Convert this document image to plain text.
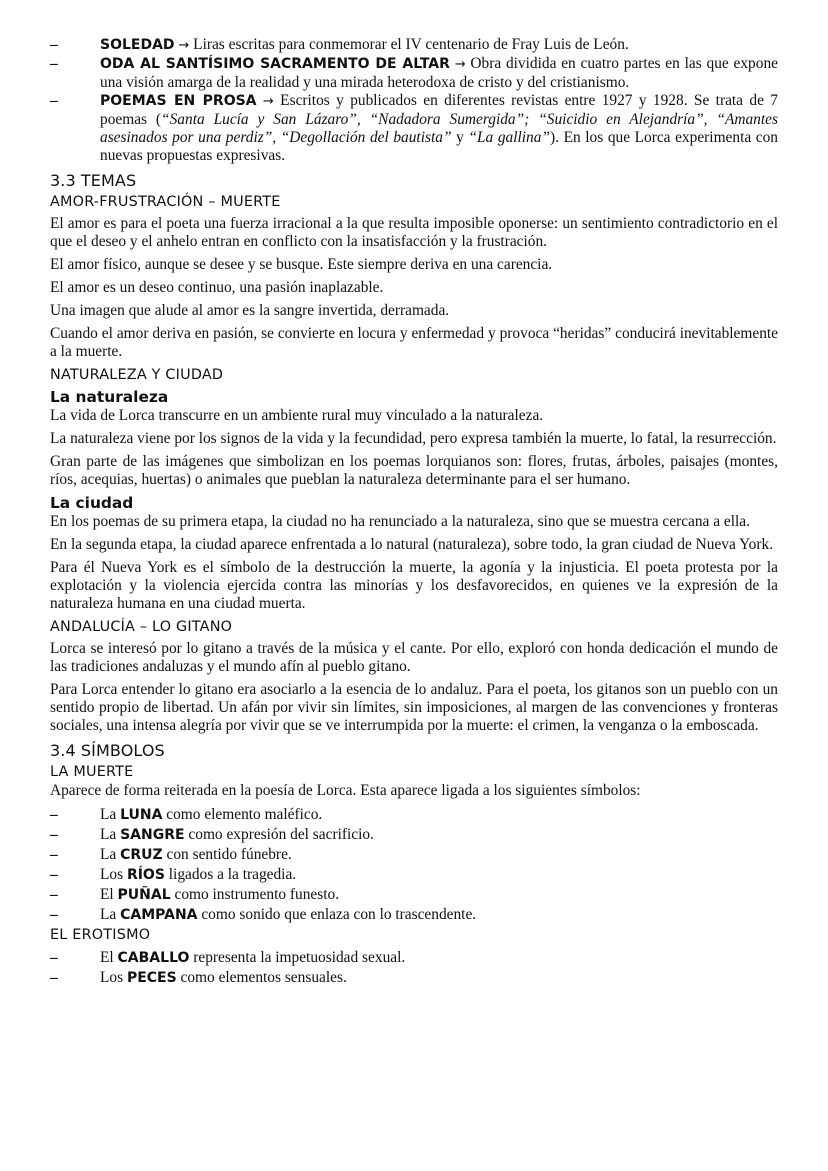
– SOLEDAD → Liras escritas para conmemorar el IV centenario de Fray Luis de León.
– ODA AL SANTÍSIMO SACRAMENTO DE ALTAR → Obra dividida en cuatro partes en las que expone una visión amarga de la realidad y una mirada heterodoxa de cristo y del cristianismo.
– POEMAS EN PROSA → Escritos y publicados en diferentes revistas entre 1927 y 1928. Se trata de 7 poemas (“Santa Lucía y San Lázaro”, “Nadadora Sumergida”; “Suicidio en Alejandría”, “Amantes asesinados por una perdiz”, “Degollación del bautista” y “La gallina”). En los que Lorca experimenta con nuevas propuestas expresivas.
3.3 TEMAS
AMOR-FRUSTRACIÓN – MUERTE

El amor es para el poeta una fuerza irracional a la que resulta imposible oponerse: un sentimiento contradictorio en el que el deseo y el anhelo entran en conflicto con la insatisfacción y la frustración.

El amor físico, aunque se desee y se busque. Este siempre deriva en una carencia.

El amor es un deseo continuo, una pasión inaplazable.

Una imagen que alude al amor es la sangre invertida, derramada.

Cuando el amor deriva en pasión, se convierte en locura y enfermedad y provoca “heridas” conducirá inevitablemente a la muerte.

NATURALEZA Y CIUDAD
La naturaleza

La vida de Lorca transcurre en un ambiente rural muy vinculado a la naturaleza.

La naturaleza viene por los signos de la vida y la fecundidad, pero expresa también la muerte, lo fatal, la resurrección.

Gran parte de las imágenes que simbolizan en los poemas lorquianos son: flores, frutas, árboles, paisajes (montes, ríos, acequias, huertas) o animales que pueblan la naturaleza determinante para el ser humano.

La ciudad

En los poemas de su primera etapa, la ciudad no ha renunciado a la naturaleza, sino que se muestra cercana a ella.

En la segunda etapa, la ciudad aparece enfrentada a lo natural (naturaleza), sobre todo, la gran ciudad de Nueva York.

Para él Nueva York es el símbolo de la destrucción la muerte, la agonía y la injusticia. El poeta protesta por la explotación y la violencia ejercida contra las minorías y los desfavorecidos, en quienes ve la expresión de la naturaleza humana en una ciudad muerta.

ANDALUCÍA – LO GITANO

Lorca se interesó por lo gitano a través de la música y el cante. Por ello, exploró con honda dedicación el mundo de las tradiciones andaluzas y el mundo afín al pueblo gitano.

Para Lorca entender lo gitano era asociarlo a la esencia de lo andaluz. Para el poeta, los gitanos son un pueblo con un sentido propio de libertad. Un afán por vivir sin límites, sin imposiciones, al margen de las convenciones y fronteras sociales, una intensa alegría por vivir que se ve interrumpida por la muerte: el crimen, la venganza o la emboscada.

3.4 SÍMBOLOS
LA MUERTE

Aparece de forma reiterada en la poesía de Lorca. Esta aparece ligada a los siguientes símbolos:

– La LUNA como elemento maléfico.
– La SANGRE como expresión del sacrificio.
– La CRUZ con sentido fúnebre.
– Los RÍOS ligados a la tragedia.
– El PUÑAL como instrumento funesto.
– La CAMPANA como sonido que enlaza con lo trascendente.
EL EROTISMO
– El CABALLO representa la impetuosidad sexual.
– Los PECES como elementos sensuales.
